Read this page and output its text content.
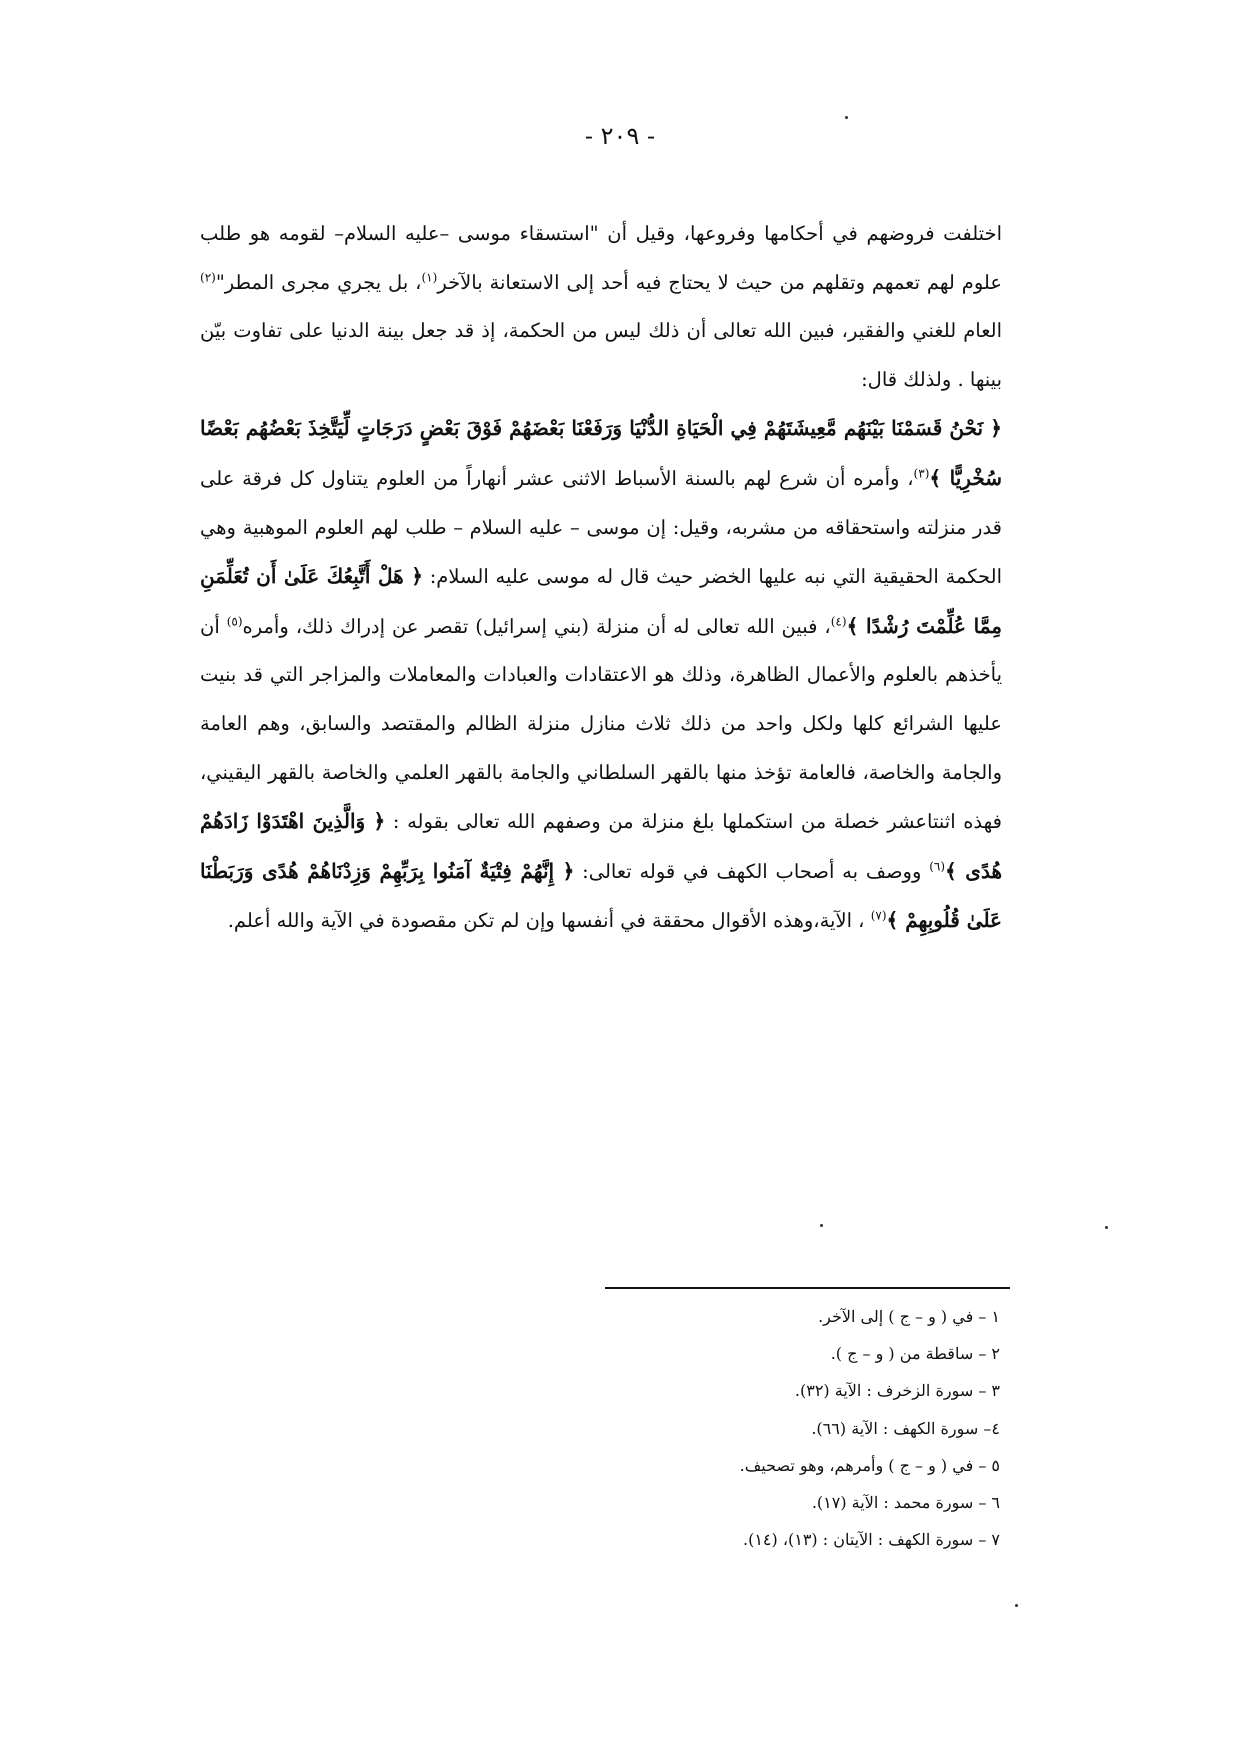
- ٢٠٩ -

اختلفت فروضهم في أحكامها وفروعها، وقيل أن "استسقاء موسى –عليه السلام– لقومه هو طلب علوم لهم تعمهم وتقلهم من حيث لا يحتاج فيه أحد إلى الاستعانة بالآخر$^{(١)}$، بل يجري مجرى المطر"$^{(٢)}$ العام للغني والفقير، فبين الله تعالى أن ذلك ليس من الحكمة، إذ قد جعل بينة الدنيا على تفاوت بيّن بينها . ولذلك قال:

﴿ نَحْنُ قَسَمْنَا بَيْنَهُم مَّعِيشَتَهُمْ فِي الْحَيَاةِ الدُّنْيَا وَرَفَعْنَا بَعْضَهُمْ فَوْقَ بَعْضٍ دَرَجَاتٍ لِّيَتَّخِذَ بَعْضُهُم بَعْضًا سُخْرِيًّا ﴾$^{(٣)}$، وأمره أن شرع لهم بالسنة الأسباط الاثنى عشر أنهاراً من العلوم يتناول كل فرقة على قدر منزلته واستحقاقه من مشربه، وقيل: إن موسى – عليه السلام – طلب لهم العلوم الموهبية وهي الحكمة الحقيقية التي نبه عليها الخضر حيث قال له موسى عليه السلام: ﴿ هَلْ أَتَّبِعُكَ عَلَىٰ أَن تُعَلِّمَنِ مِمَّا عُلِّمْتَ رُشْدًا ﴾$^{(٤)}$، فبين الله تعالى له أن منزلة (بني إسرائيل) تقصر عن إدراك ذلك، وأمره$^{(٥)}$ أن يأخذهم بالعلوم والأعمال الظاهرة، وذلك هو الاعتقادات والعبادات والمعاملات والمزاجر التي قد بنيت عليها الشرائع كلها ولكل واحد من ذلك ثلاث منازل منزلة الظالم والمقتصد والسابق، وهم العامة والجامة والخاصة، فالعامة تؤخذ منها بالقهر السلطاني والجامة بالقهر العلمي والخاصة بالقهر اليقيني، فهذه اثنتاعشر خصلة من استكملها بلغ منزلة من وصفهم الله تعالى بقوله : ﴿ وَالَّذِينَ اهْتَدَوْا زَادَهُمْ هُدًى ﴾$^{(٦)}$ ووصف به أصحاب الكهف في قوله تعالى: ﴿ إِنَّهُمْ فِتْيَةٌ آمَنُوا بِرَبِّهِمْ وَزِدْنَاهُمْ هُدًى وَرَبَطْنَا عَلَىٰ قُلُوبِهِمْ ﴾$^{(٧)}$ ، الآية،وهذه الأقوال محققة في أنفسها وإن لم تكن مقصودة في الآية والله أعلم.

١ – في ( و – ج ) إلى الآخر.
٢ – ساقطة من ( و – ج ).
٣ – سورة الزخرف : الآية (٣٢).
٤– سورة الكهف : الآية (٦٦).
٥ – في ( و – ج ) وأمرهم، وهو تصحيف.
٦ – سورة محمد : الآية (١٧).
٧ – سورة الكهف : الآيتان : (١٣)، (١٤).
